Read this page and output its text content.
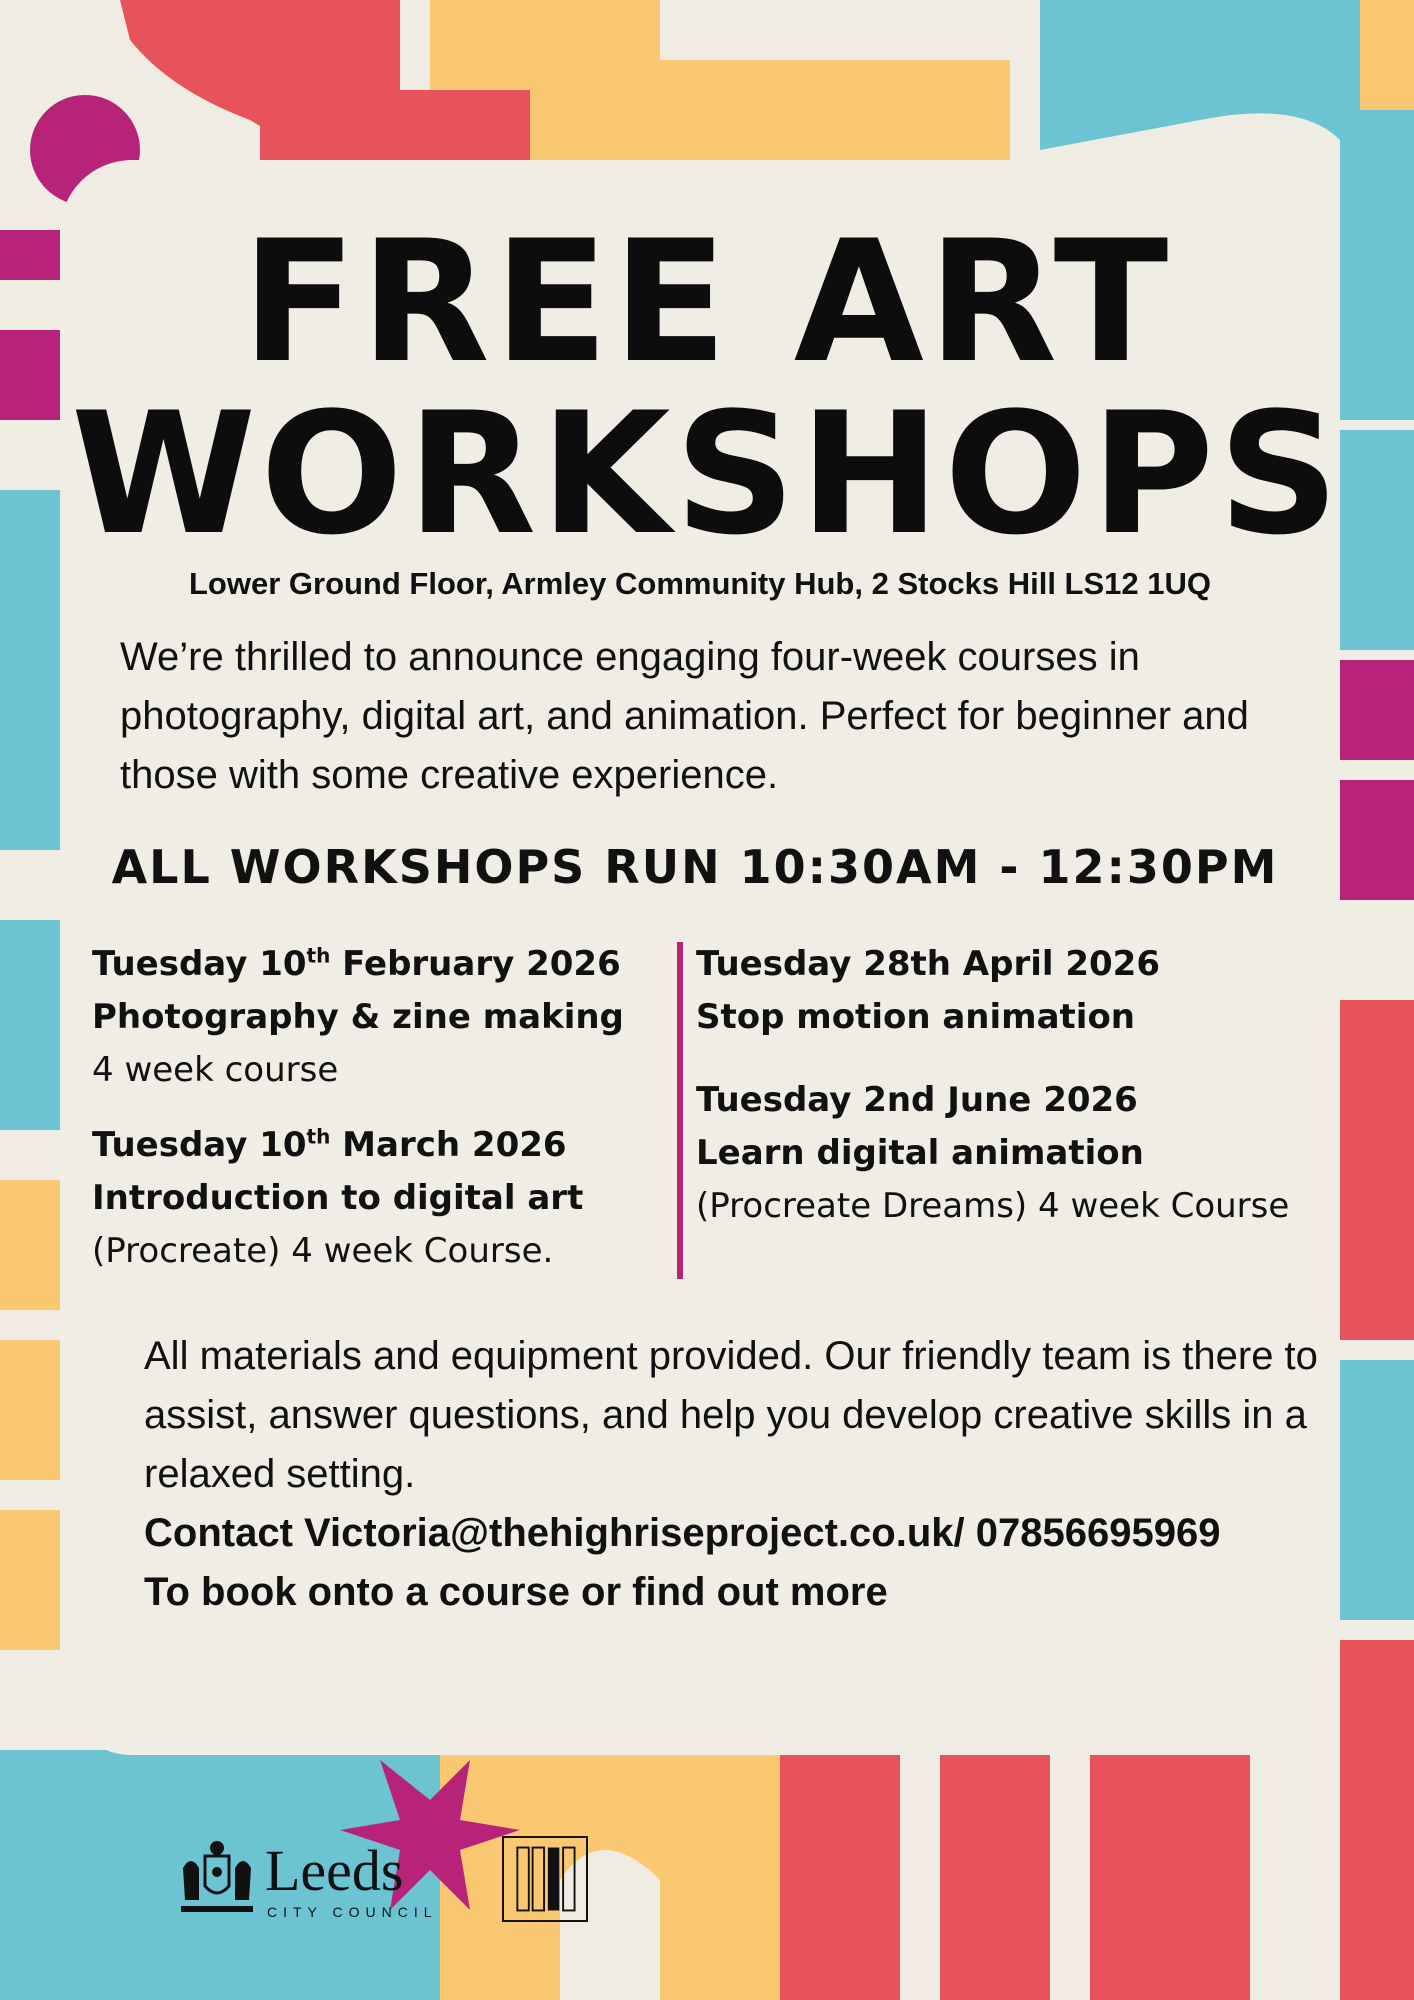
FREE ART
WORKSHOPS
Lower Ground Floor, Armley Community Hub, 2 Stocks Hill LS12 1UQ
We’re thrilled to announce engaging four-week courses in photography, digital art, and animation. Perfect for beginner and those with some creative experience.
ALL WORKSHOPS RUN 10:30AM - 12:30PM
Tuesday 10th February 2026
Photography & zine making
4 week course
Tuesday 10th March 2026
Introduction to digital art
(Procreate) 4 week Course.
Tuesday 28th April 2026
Stop motion animation
Tuesday 2nd June 2026
Learn digital animation
(Procreate Dreams) 4 week Course
All materials and equipment provided. Our friendly team is there to assist, answer questions, and help you develop creative skills in a relaxed setting.
Contact Victoria@thehighriseproject.co.uk/ 07856695969
To book onto a course or find out more
Leeds
CITY COUNCIL
